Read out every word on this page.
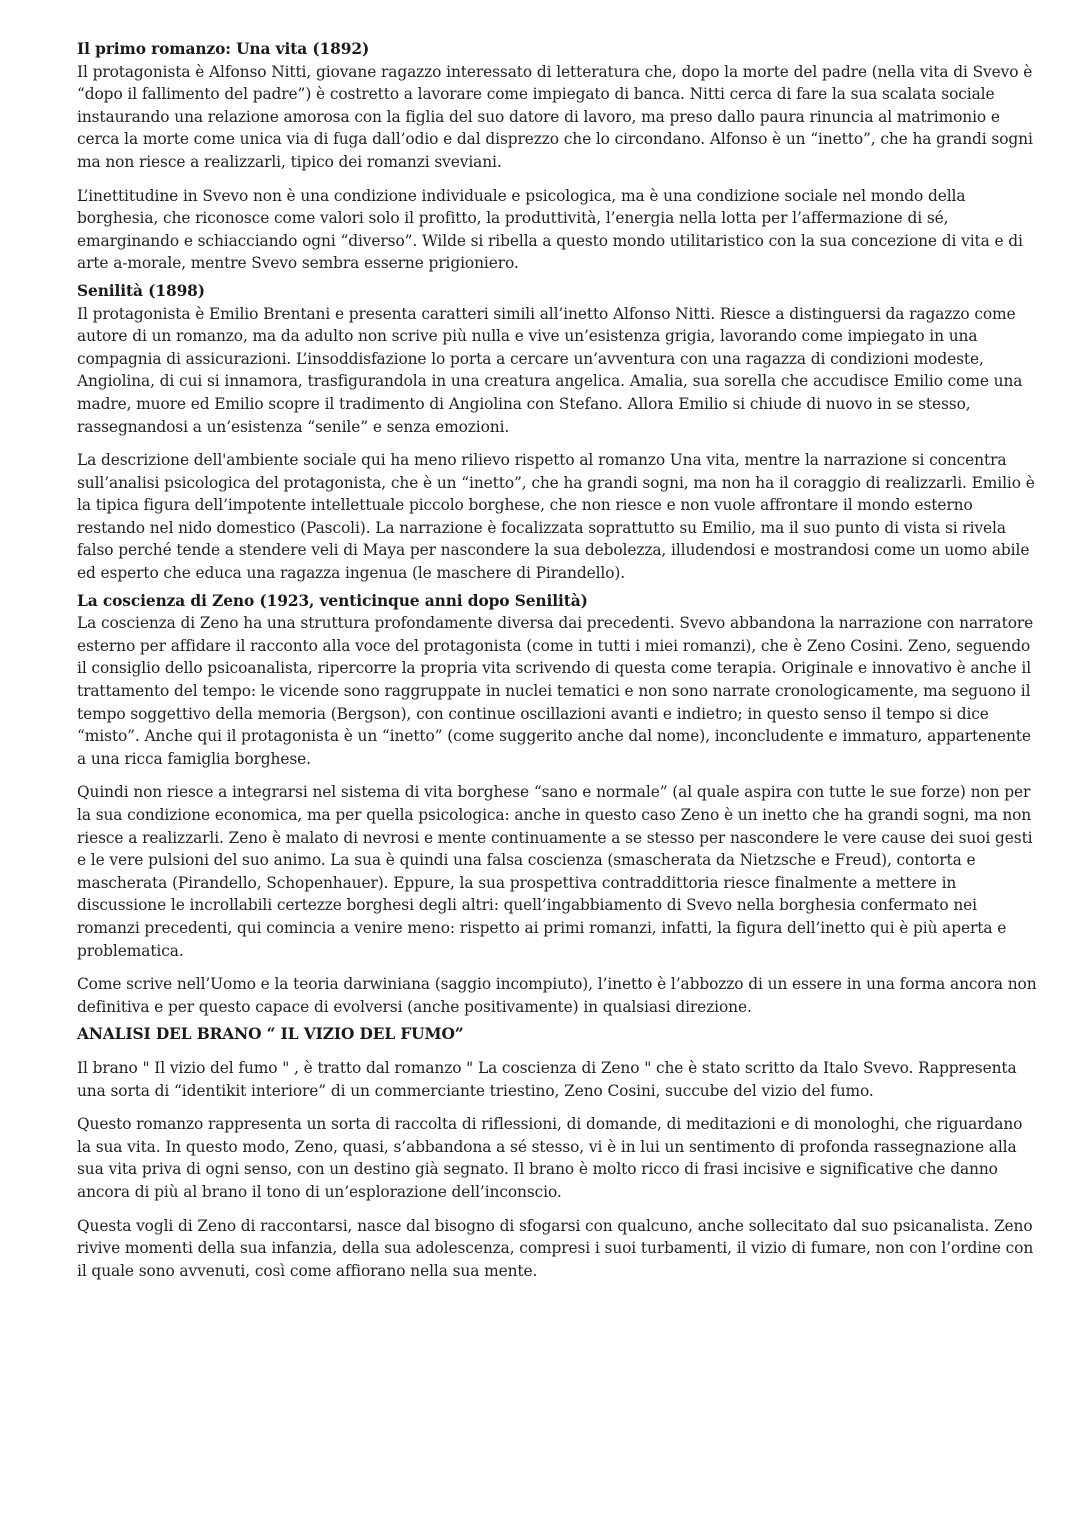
Il primo romanzo: Una vita (1892)

Il protagonista è Alfonso Nitti, giovane ragazzo interessato di letteratura che, dopo la morte del padre (nella vita di Svevo è “dopo il fallimento del padre”) è costretto a lavorare come impiegato di banca. Nitti cerca di fare la sua scalata sociale instaurando una relazione amorosa con la figlia del suo datore di lavoro, ma preso dallo paura rinuncia al matrimonio e cerca la morte come unica via di fuga dall’odio e dal disprezzo che lo circondano. Alfonso è un “inetto”, che ha grandi sogni ma non riesce a realizzarli, tipico dei romanzi sveviani.

L’inettitudine in Svevo non è una condizione individuale e psicologica, ma è una condizione sociale nel mondo della borghesia, che riconosce come valori solo il profitto, la produttività, l’energia nella lotta per l’affermazione di sé, emarginando e schiacciando ogni “diverso”. Wilde si ribella a questo mondo utilitaristico con la sua concezione di vita e di arte a-morale, mentre Svevo sembra esserne prigioniero.

Senilità (1898)

Il protagonista è Emilio Brentani e presenta caratteri simili all’inetto Alfonso Nitti. Riesce a distinguersi da ragazzo come autore di un romanzo, ma da adulto non scrive più nulla e vive un’esistenza grigia, lavorando come impiegato in una compagnia di assicurazioni. L’insoddisfazione lo porta a cercare un’avventura con una ragazza di condizioni modeste, Angiolina, di cui si innamora, trasfigurandola in una creatura angelica. Amalia, sua sorella che accudisce Emilio come una madre, muore ed Emilio scopre il tradimento di Angiolina con Stefano. Allora Emilio si chiude di nuovo in se stesso, rassegnandosi a un’esistenza “senile” e senza emozioni.

La descrizione dell'ambiente sociale qui ha meno rilievo rispetto al romanzo Una vita, mentre la narrazione si concentra sull’analisi psicologica del protagonista, che è un “inetto”, che ha grandi sogni, ma non ha il coraggio di realizzarli. Emilio è la tipica figura dell’impotente intellettuale piccolo borghese, che non riesce e non vuole affrontare il mondo esterno restando nel nido domestico (Pascoli). La narrazione è focalizzata soprattutto su Emilio, ma il suo punto di vista si rivela falso perché tende a stendere veli di Maya per nascondere la sua debolezza, illudendosi e mostrandosi come un uomo abile ed esperto che educa una ragazza ingenua (le maschere di Pirandello).

La coscienza di Zeno (1923, venticinque anni dopo Senilità)

La coscienza di Zeno ha una struttura profondamente diversa dai precedenti. Svevo abbandona la narrazione con narratore esterno per affidare il racconto alla voce del protagonista (come in tutti i miei romanzi), che è Zeno Cosini. Zeno, seguendo il consiglio dello psicoanalista, ripercorre la propria vita scrivendo di questa come terapia. Originale e innovativo è anche il trattamento del tempo: le vicende sono raggruppate in nuclei tematici e non sono narrate cronologicamente, ma seguono il tempo soggettivo della memoria (Bergson), con continue oscillazioni avanti e indietro; in questo senso il tempo si dice “misto”. Anche qui il protagonista è un “inetto” (come suggerito anche dal nome), inconcludente e immaturo, appartenente a una ricca famiglia borghese.

Quindi non riesce a integrarsi nel sistema di vita borghese “sano e normale” (al quale aspira con tutte le sue forze) non per la sua condizione economica, ma per quella psicologica: anche in questo caso Zeno è un inetto che ha grandi sogni, ma non riesce a realizzarli. Zeno è malato di nevrosi e mente continuamente a se stesso per nascondere le vere cause dei suoi gesti e le vere pulsioni del suo animo. La sua è quindi una falsa coscienza (smascherata da Nietzsche e Freud), contorta e mascherata (Pirandello, Schopenhauer). Eppure, la sua prospettiva contraddittoria riesce finalmente a mettere in discussione le incrollabili certezze borghesi degli altri: quell’ingabbiamento di Svevo nella borghesia confermato nei romanzi precedenti, qui comincia a venire meno: rispetto ai primi romanzi, infatti, la figura dell’inetto qui è più aperta e problematica.

Come scrive nell’Uomo e la teoria darwiniana (saggio incompiuto), l’inetto è l’abbozzo di un essere in una forma ancora non definitiva e per questo capace di evolversi (anche positivamente) in qualsiasi direzione.

ANALISI DEL BRANO “ IL VIZIO DEL FUMO”

Il brano " Il vizio del fumo " , è tratto dal romanzo " La coscienza di Zeno " che è stato scritto da Italo Svevo. Rappresenta una sorta di “identikit interiore” di un commerciante triestino, Zeno Cosini, succube del vizio del fumo.

Questo romanzo rappresenta un sorta di raccolta di riflessioni, di domande, di meditazioni e di monologhi, che riguardano la sua vita. In questo modo, Zeno, quasi, s’abbandona a sé stesso, vi è in lui un sentimento di profonda rassegnazione alla sua vita priva di ogni senso, con un destino già segnato. Il brano è molto ricco di frasi incisive e significative che danno ancora di più al brano il tono di un’esplorazione dell’inconscio.

Questa vogli di Zeno di raccontarsi, nasce dal bisogno di sfogarsi con qualcuno, anche sollecitato dal suo psicanalista. Zeno rivive momenti della sua infanzia, della sua adolescenza, compresi i suoi turbamenti, il vizio di fumare, non con l’ordine con il quale sono avvenuti, così come affiorano nella sua mente.
